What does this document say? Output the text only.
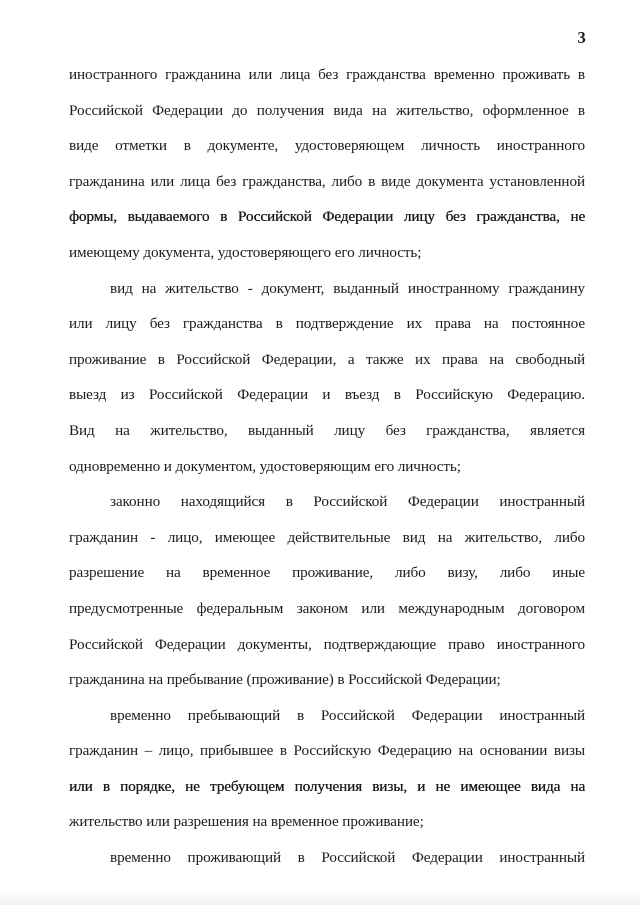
3
иностранного гражданина или лица без гражданства временно проживать в
Российской Федерации до получения вида на жительство, оформленное в
виде отметки в документе, удостоверяющем личность иностранного
гражданина или лица без гражданства, либо в виде документа установленной
формы, выдаваемого в Российской Федерации лицу без гражданства, не
имеющему документа, удостоверяющего его личность;
вид на жительство - документ, выданный иностранному гражданину
или лицу без гражданства в подтверждение их права на постоянное
проживание в Российской Федерации, а также их права на свободный
выезд из Российской Федерации и въезд в Российскую Федерацию.
Вид на жительство, выданный лицу без гражданства, является
одновременно и документом, удостоверяющим его личность;
законно находящийся в Российской Федерации иностранный
гражданин - лицо, имеющее действительные вид на жительство, либо
разрешение на временное проживание, либо визу, либо иные
предусмотренные федеральным законом или международным договором
Российской Федерации документы, подтверждающие право иностранного
гражданина на пребывание (проживание) в Российской Федерации;
временно пребывающий в Российской Федерации иностранный
гражданин – лицо, прибывшее в Российскую Федерацию на основании визы
или в порядке, не требующем получения визы, и не имеющее вида на
жительство или разрешения на временное проживание;
временно проживающий в Российской Федерации иностранный
